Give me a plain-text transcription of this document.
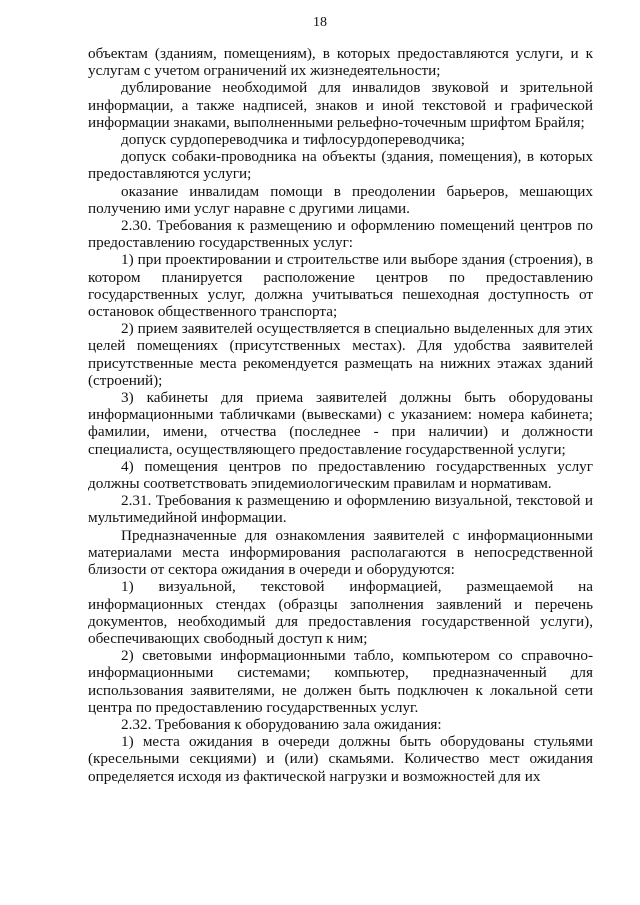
18

объектам (зданиям, помещениям), в которых предоставляются услуги, и к услугам с учетом ограничений их жизнедеятельности;

дублирование необходимой для инвалидов звуковой и зрительной информации, а также надписей, знаков и иной текстовой и графической информации знаками, выполненными рельефно-точечным шрифтом Брайля;

допуск сурдопереводчика и тифлосурдопереводчика;

допуск собаки-проводника на объекты (здания, помещения), в которых предоставляются услуги;

оказание инвалидам помощи в преодолении барьеров, мешающих получению ими услуг наравне с другими лицами.

2.30. Требования к размещению и оформлению помещений центров по предоставлению государственных услуг:

1) при проектировании и строительстве или выборе здания (строения), в котором планируется расположение центров по предоставлению государственных услуг, должна учитываться пешеходная доступность от остановок общественного транспорта;

2) прием заявителей осуществляется в специально выделенных для этих целей помещениях (присутственных местах). Для удобства заявителей присутственные места рекомендуется размещать на нижних этажах зданий (строений);

3) кабинеты для приема заявителей должны быть оборудованы информационными табличками (вывесками) с указанием: номера кабинета; фамилии, имени, отчества (последнее - при наличии) и должности специалиста, осуществляющего предоставление государственной услуги;

4) помещения центров по предоставлению государственных услуг должны соответствовать эпидемиологическим правилам и нормативам.

2.31. Требования к размещению и оформлению визуальной, текстовой и мультимедийной информации.

Предназначенные для ознакомления заявителей с информационными материалами места информирования располагаются в непосредственной близости от сектора ожидания в очереди и оборудуются:

1) визуальной, текстовой информацией, размещаемой на информационных стендах (образцы заполнения заявлений и перечень документов, необходимый для предоставления государственной услуги), обеспечивающих свободный доступ к ним;

2) световыми информационными табло, компьютером со справочно-информационными системами; компьютер, предназначенный для использования заявителями, не должен быть подключен к локальной сети центра по предоставлению государственных услуг.

2.32. Требования к оборудованию зала ожидания:

1) места ожидания в очереди должны быть оборудованы стульями (кресельными секциями) и (или) скамьями. Количество мест ожидания определяется исходя из фактической нагрузки и возможностей для их
